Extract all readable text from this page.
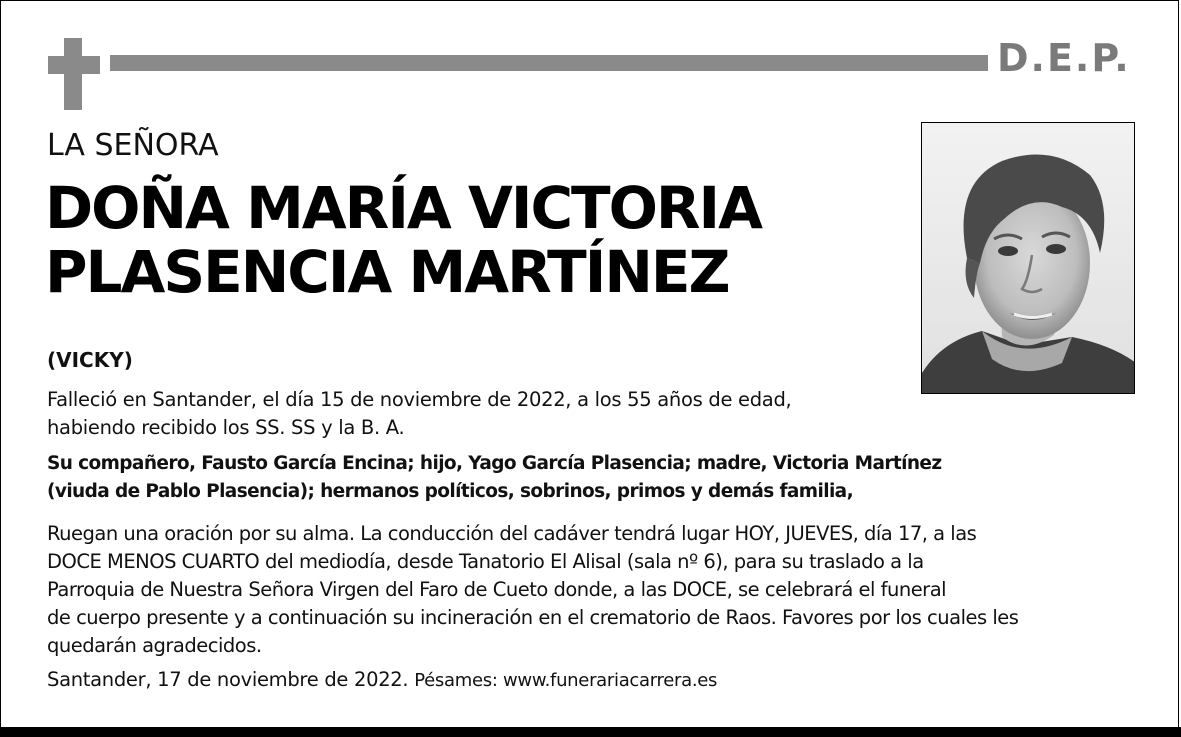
D.E.P.
LA SEÑORA
DOÑA MARÍA VICTORIA
PLASENCIA MARTÍNEZ
(VICKY)
Falleció en Santander, el día 15 de noviembre de 2022, a los 55 años de edad,
habiendo recibido los SS. SS y la B. A.
Su compañero, Fausto García Encina; hijo, Yago García Plasencia; madre, Victoria Martínez
(viuda de Pablo Plasencia); hermanos políticos, sobrinos, primos y demás familia,
Ruegan una oración por su alma. La conducción del cadáver tendrá lugar HOY, JUEVES, día 17, a las
DOCE MENOS CUARTO del mediodía, desde Tanatorio El Alisal (sala nº 6), para su traslado a la
Parroquia de Nuestra Señora Virgen del Faro de Cueto donde, a las DOCE, se celebrará el funeral
de cuerpo presente y a continuación su incineración en el crematorio de Raos. Favores por los cuales les
quedarán agradecidos.
Santander, 17 de noviembre de 2022. Pésames: www.funerariacarrera.es
